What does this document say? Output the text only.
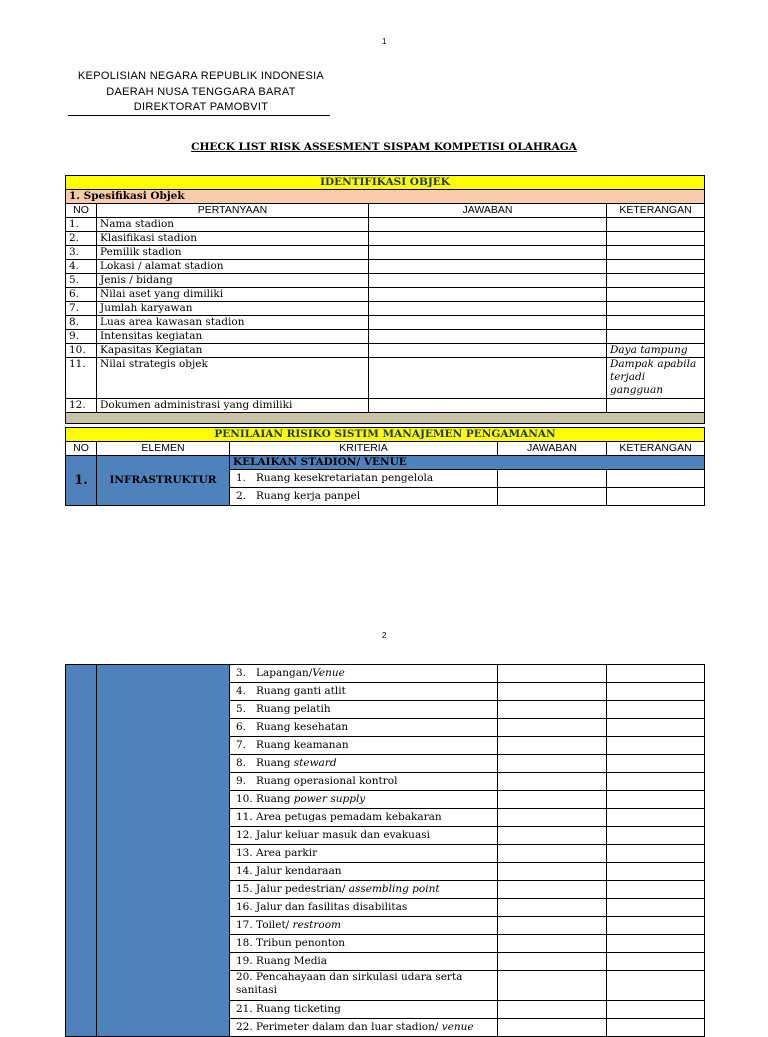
1
KEPOLISIAN NEGARA REPUBLIK INDONESIA
DAERAH NUSA TENGGARA BARAT
DIREKTORAT PAMOBVIT
CHECK LIST RISK ASSESMENT SISPAM KOMPETISI OLAHRAGA
IDENTIFIKASI OBJEK			
1. Spesifikasi Objek			
NO	PERTANYAAN	JAWABAN	KETERANGAN
1.	Nama stadion		
2.	Klasifikasi stadion		
3.	Pemilik stadion		
4.	Lokasi / alamat stadion		
5.	Jenis / bidang		
6.	Nilai aset yang dimiliki		
7.	Jumlah karyawan		
8.	Luas area kawasan stadion		
9.	Intensitas kegiatan		
10.	Kapasitas Kegiatan		Daya tampung
11.	Nilai strategis objek		Dampak apabila terjadi gangguan
12.	Dokumen administrasi yang dimiliki		

PENILAIAN RISIKO SISTIM MANAJEMEN PENGAMANAN				
NO	ELEMEN	KRITERIA	JAWABAN	KETERANGAN
1.	INFRASTRUKTUR	KELAIKAN STADION/ VENUE		
		1. Ruang kesekretariatan pengelola		
		2. Ruang kerja panpel		
2
		3. Lapangan/Venue		
		4. Ruang ganti atlit		
		5. Ruang pelatih		
		6. Ruang kesehatan		
		7. Ruang keamanan		
		8. Ruang steward		
		9. Ruang operasional kontrol		
		10. Ruang power supply		
		11. Area petugas pemadam kebakaran		
		12. Jalur keluar masuk dan evakuasi		
		13. Area parkir		
		14. Jalur kendaraan		
		15. Jalur pedestrian/ assembling point		
		16. Jalur dan fasilitas disabilitas		
		17. Toilet/ restroom		
		18. Tribun penonton		
		19. Ruang Media		
		20. Pencahayaan dan sirkulasi udara serta sanitasi		
		21. Ruang ticketing		
		22. Perimeter dalam dan luar stadion/ venue		
